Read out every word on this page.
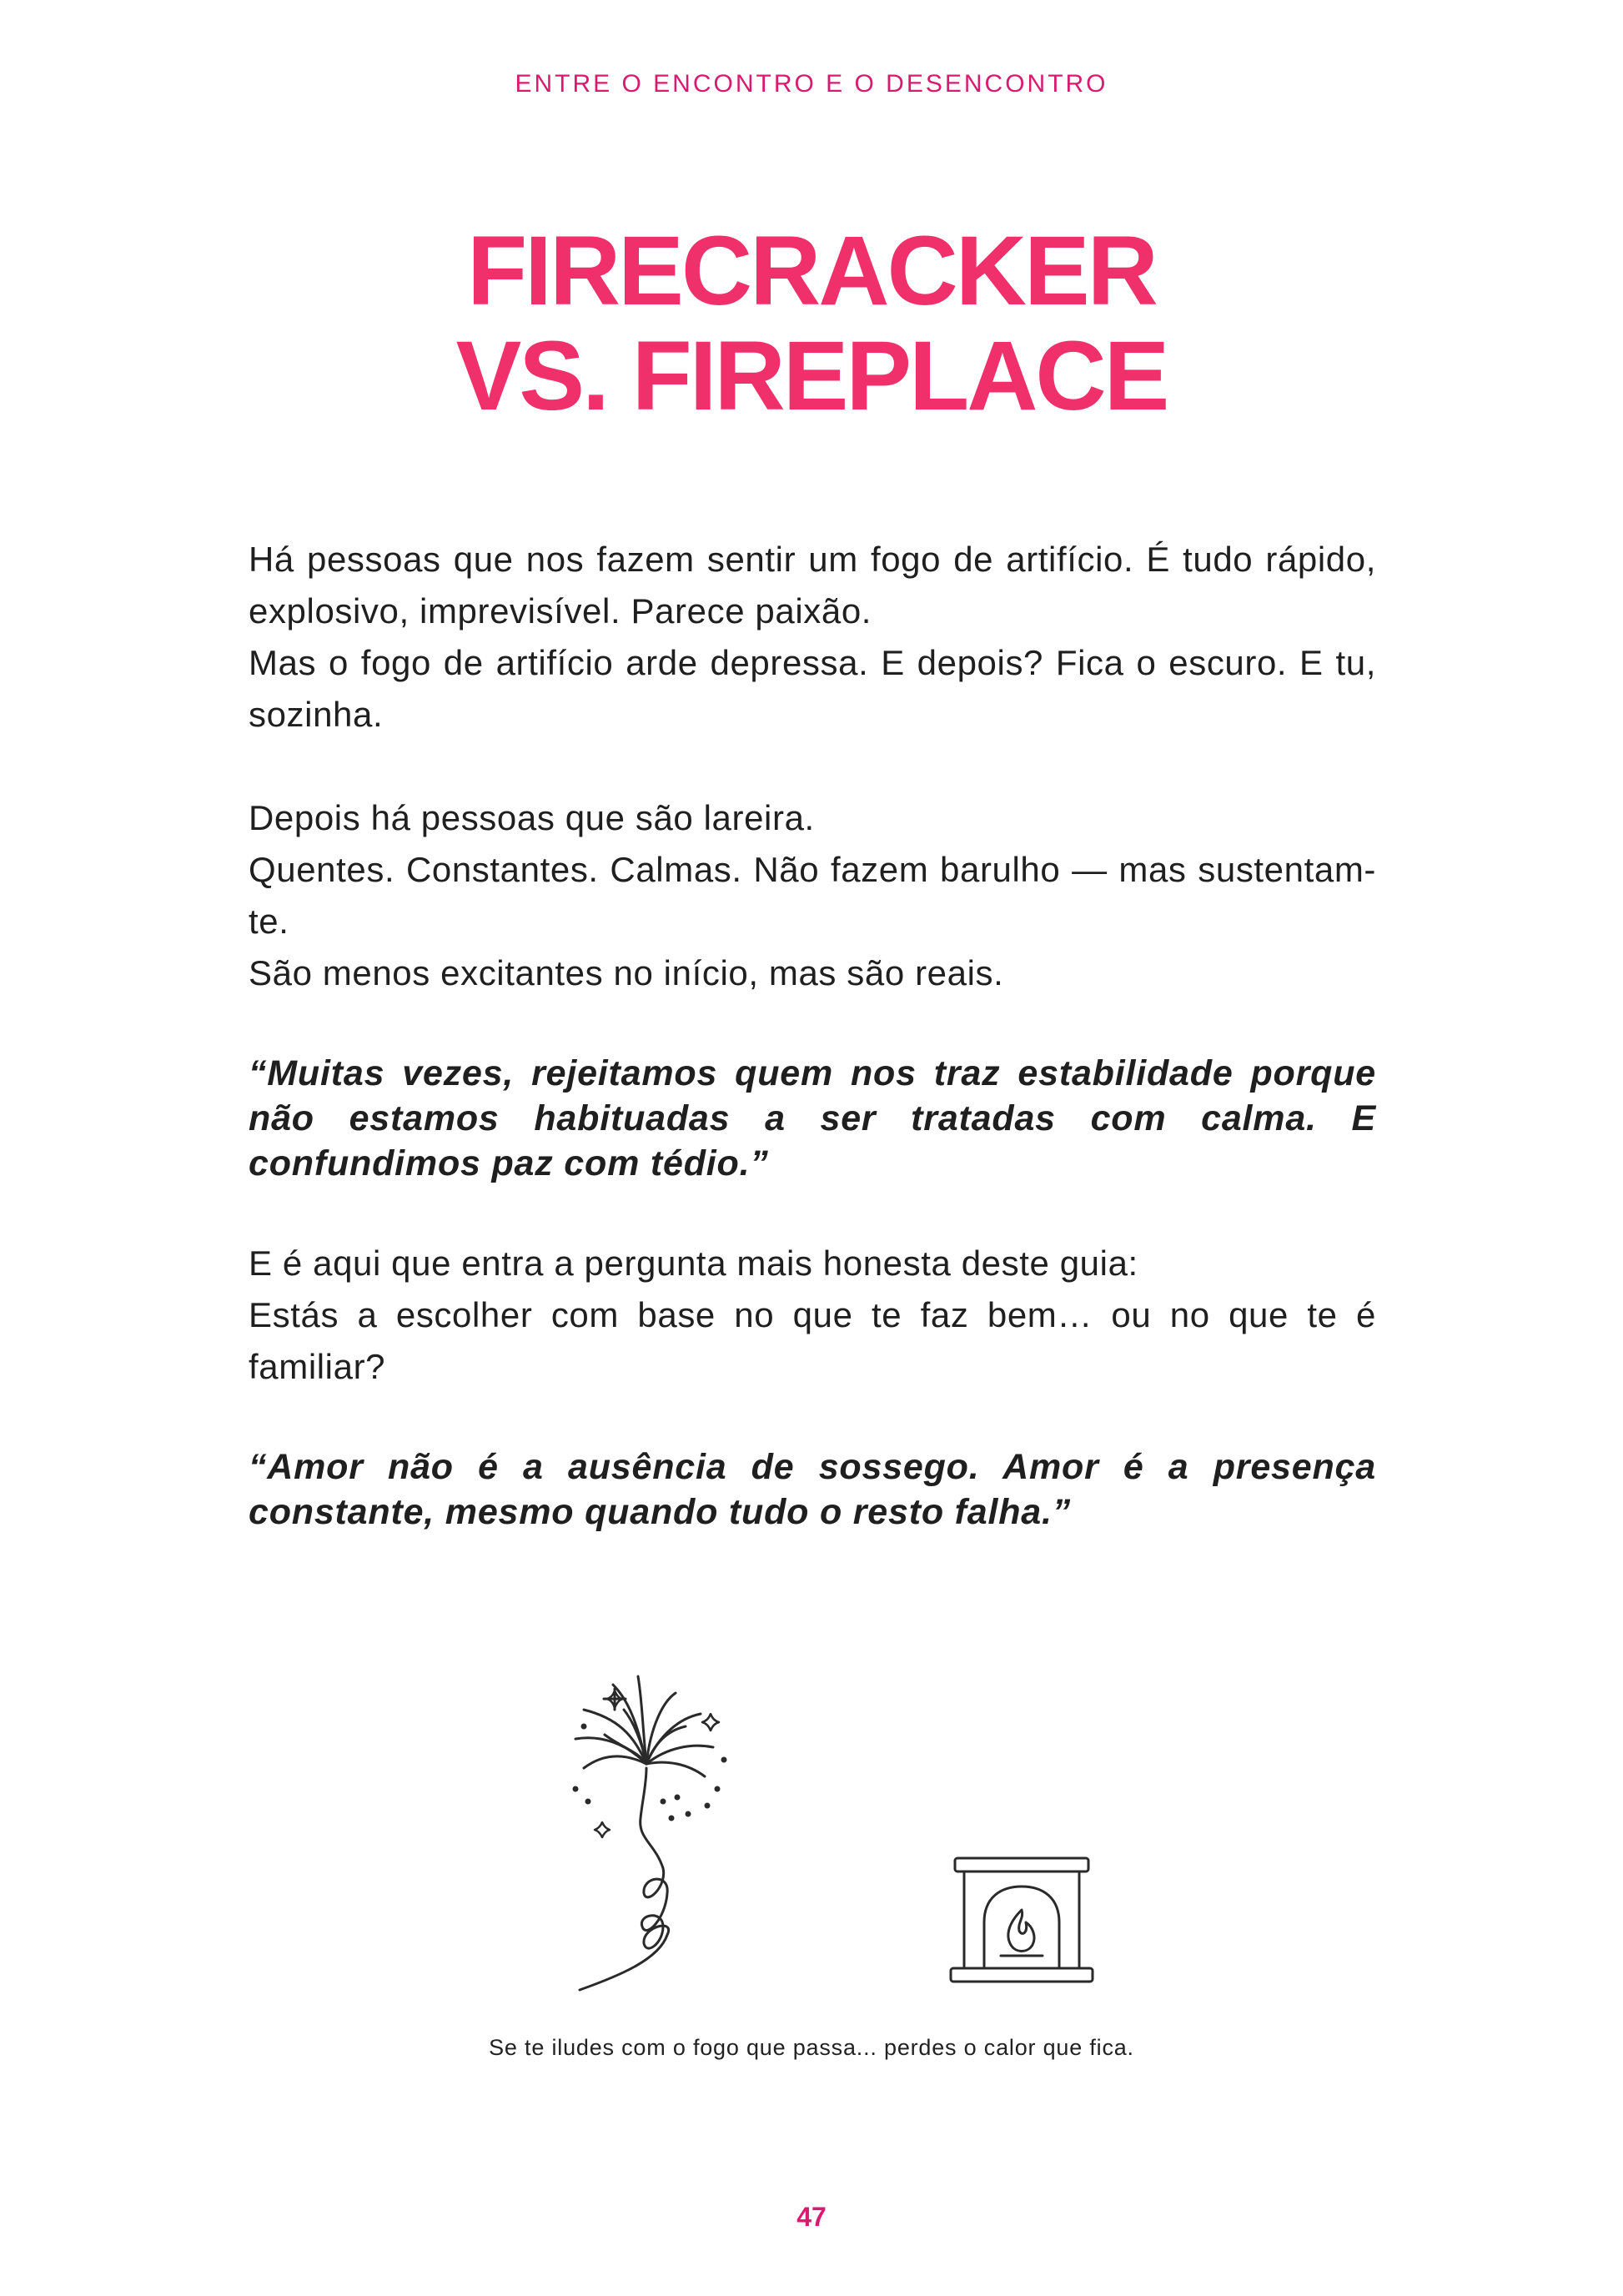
ENTRE O ENCONTRO E O DESENCONTRO
FIRECRACKER
VS. FIREPLACE

Há pessoas que nos fazem sentir um fogo de artifício. É tudo rápido, explosivo, imprevisível. Parece paixão.

Mas o fogo de artifício arde depressa. E depois? Fica o escuro. E tu, sozinha.

Depois há pessoas que são lareira.

Quentes. Constantes. Calmas. Não fazem barulho — mas sustentam-te.

São menos excitantes no início, mas são reais.

“Muitas vezes, rejeitamos quem nos traz estabilidade porque não estamos habituadas a ser tratadas com calma. E confundimos paz com tédio.”

E é aqui que entra a pergunta mais honesta deste guia:

Estás a escolher com base no que te faz bem… ou no que te é familiar?

“Amor não é a ausência de sossego. Amor é a presença constante, mesmo quando tudo o resto falha.”

Se te iludes com o fogo que passa... perdes o calor que fica.
47
